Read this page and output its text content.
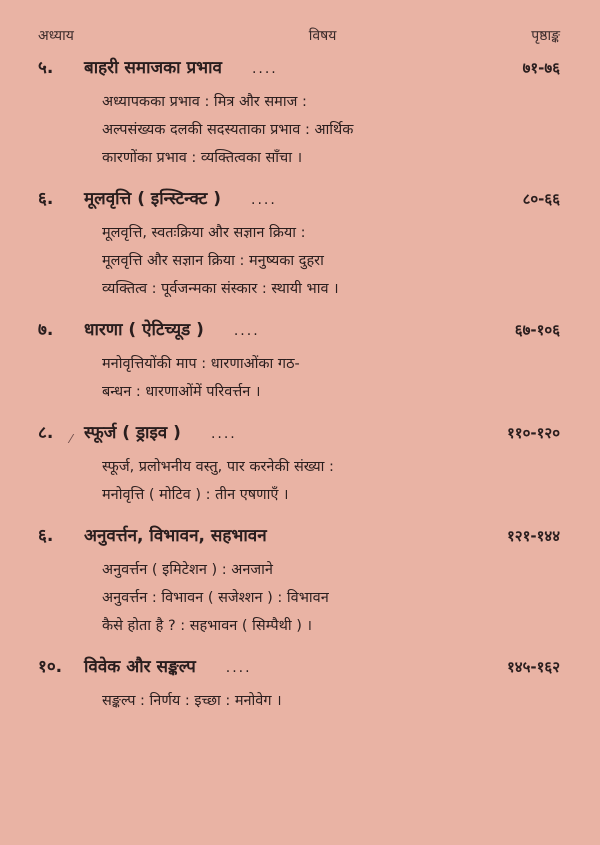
अध्याय	विषय	पृष्ठाङ्क
५.	बाहरी समाजका प्रभाव ....	७१-७६
अध्यापकका प्रभाव : मित्र और समाज :
अल्पसंख्यक दलकी सदस्यताका प्रभाव : आर्थिक
कारणोंका प्रभाव : व्यक्तित्वका साँचा ।
६.	मूलवृत्ति ( इन्स्टिन्क्ट ) ....	८०-६६
मूलवृत्ति, स्वतःक्रिया और सज्ञान क्रिया :
मूलवृत्ति और सज्ञान क्रिया : मनुष्यका दुहरा
व्यक्तित्व : पूर्वजन्मका संस्कार : स्थायी भाव ।
७.	धारणा ( ऐटिच्यूड ) ....	६७-१०६
मनोवृत्तियोंकी माप : धारणाओंका गठ-
बन्धन : धारणाओंमें परिवर्त्तन ।
८.	स्फूर्ज ( ड्राइव ) ....	११०-१२०
स्फूर्ज, प्रलोभनीय वस्तु, पार करनेकी संख्या :
मनोवृत्ति ( मोटिव ) : तीन एषणाएँ ।
६.	अनुवर्त्तन, विभावन, सहभावन	१२१-१४४
अनुवर्त्तन ( इमिटेशन ) : अनजाने
अनुवर्त्तन : विभावन ( सजेश्शन ) : विभावन
कैसे होता है ? : सहभावन ( सिम्पैथी ) ।
१०.	विवेक और सङ्कल्प ....	१४५-१६२
सङ्कल्प : निर्णय : इच्छा : मनोवेग ।
⁄
